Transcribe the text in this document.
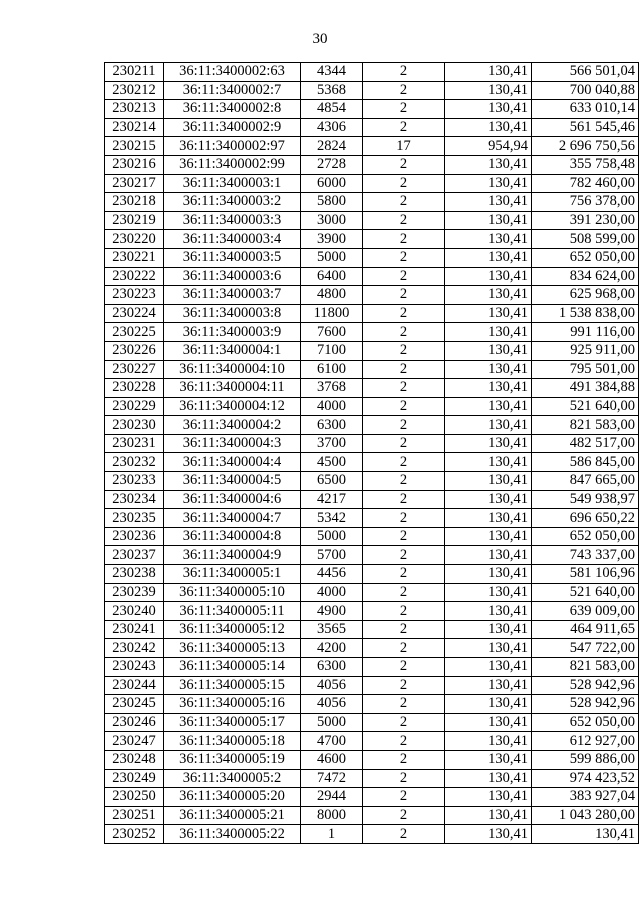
30
230211	36:11:3400002:63	4344	2	130,41	566 501,04
230212	36:11:3400002:7	5368	2	130,41	700 040,88
230213	36:11:3400002:8	4854	2	130,41	633 010,14
230214	36:11:3400002:9	4306	2	130,41	561 545,46
230215	36:11:3400002:97	2824	17	954,94	2 696 750,56
230216	36:11:3400002:99	2728	2	130,41	355 758,48
230217	36:11:3400003:1	6000	2	130,41	782 460,00
230218	36:11:3400003:2	5800	2	130,41	756 378,00
230219	36:11:3400003:3	3000	2	130,41	391 230,00
230220	36:11:3400003:4	3900	2	130,41	508 599,00
230221	36:11:3400003:5	5000	2	130,41	652 050,00
230222	36:11:3400003:6	6400	2	130,41	834 624,00
230223	36:11:3400003:7	4800	2	130,41	625 968,00
230224	36:11:3400003:8	11800	2	130,41	1 538 838,00
230225	36:11:3400003:9	7600	2	130,41	991 116,00
230226	36:11:3400004:1	7100	2	130,41	925 911,00
230227	36:11:3400004:10	6100	2	130,41	795 501,00
230228	36:11:3400004:11	3768	2	130,41	491 384,88
230229	36:11:3400004:12	4000	2	130,41	521 640,00
230230	36:11:3400004:2	6300	2	130,41	821 583,00
230231	36:11:3400004:3	3700	2	130,41	482 517,00
230232	36:11:3400004:4	4500	2	130,41	586 845,00
230233	36:11:3400004:5	6500	2	130,41	847 665,00
230234	36:11:3400004:6	4217	2	130,41	549 938,97
230235	36:11:3400004:7	5342	2	130,41	696 650,22
230236	36:11:3400004:8	5000	2	130,41	652 050,00
230237	36:11:3400004:9	5700	2	130,41	743 337,00
230238	36:11:3400005:1	4456	2	130,41	581 106,96
230239	36:11:3400005:10	4000	2	130,41	521 640,00
230240	36:11:3400005:11	4900	2	130,41	639 009,00
230241	36:11:3400005:12	3565	2	130,41	464 911,65
230242	36:11:3400005:13	4200	2	130,41	547 722,00
230243	36:11:3400005:14	6300	2	130,41	821 583,00
230244	36:11:3400005:15	4056	2	130,41	528 942,96
230245	36:11:3400005:16	4056	2	130,41	528 942,96
230246	36:11:3400005:17	5000	2	130,41	652 050,00
230247	36:11:3400005:18	4700	2	130,41	612 927,00
230248	36:11:3400005:19	4600	2	130,41	599 886,00
230249	36:11:3400005:2	7472	2	130,41	974 423,52
230250	36:11:3400005:20	2944	2	130,41	383 927,04
230251	36:11:3400005:21	8000	2	130,41	1 043 280,00
230252	36:11:3400005:22	1	2	130,41	130,41
